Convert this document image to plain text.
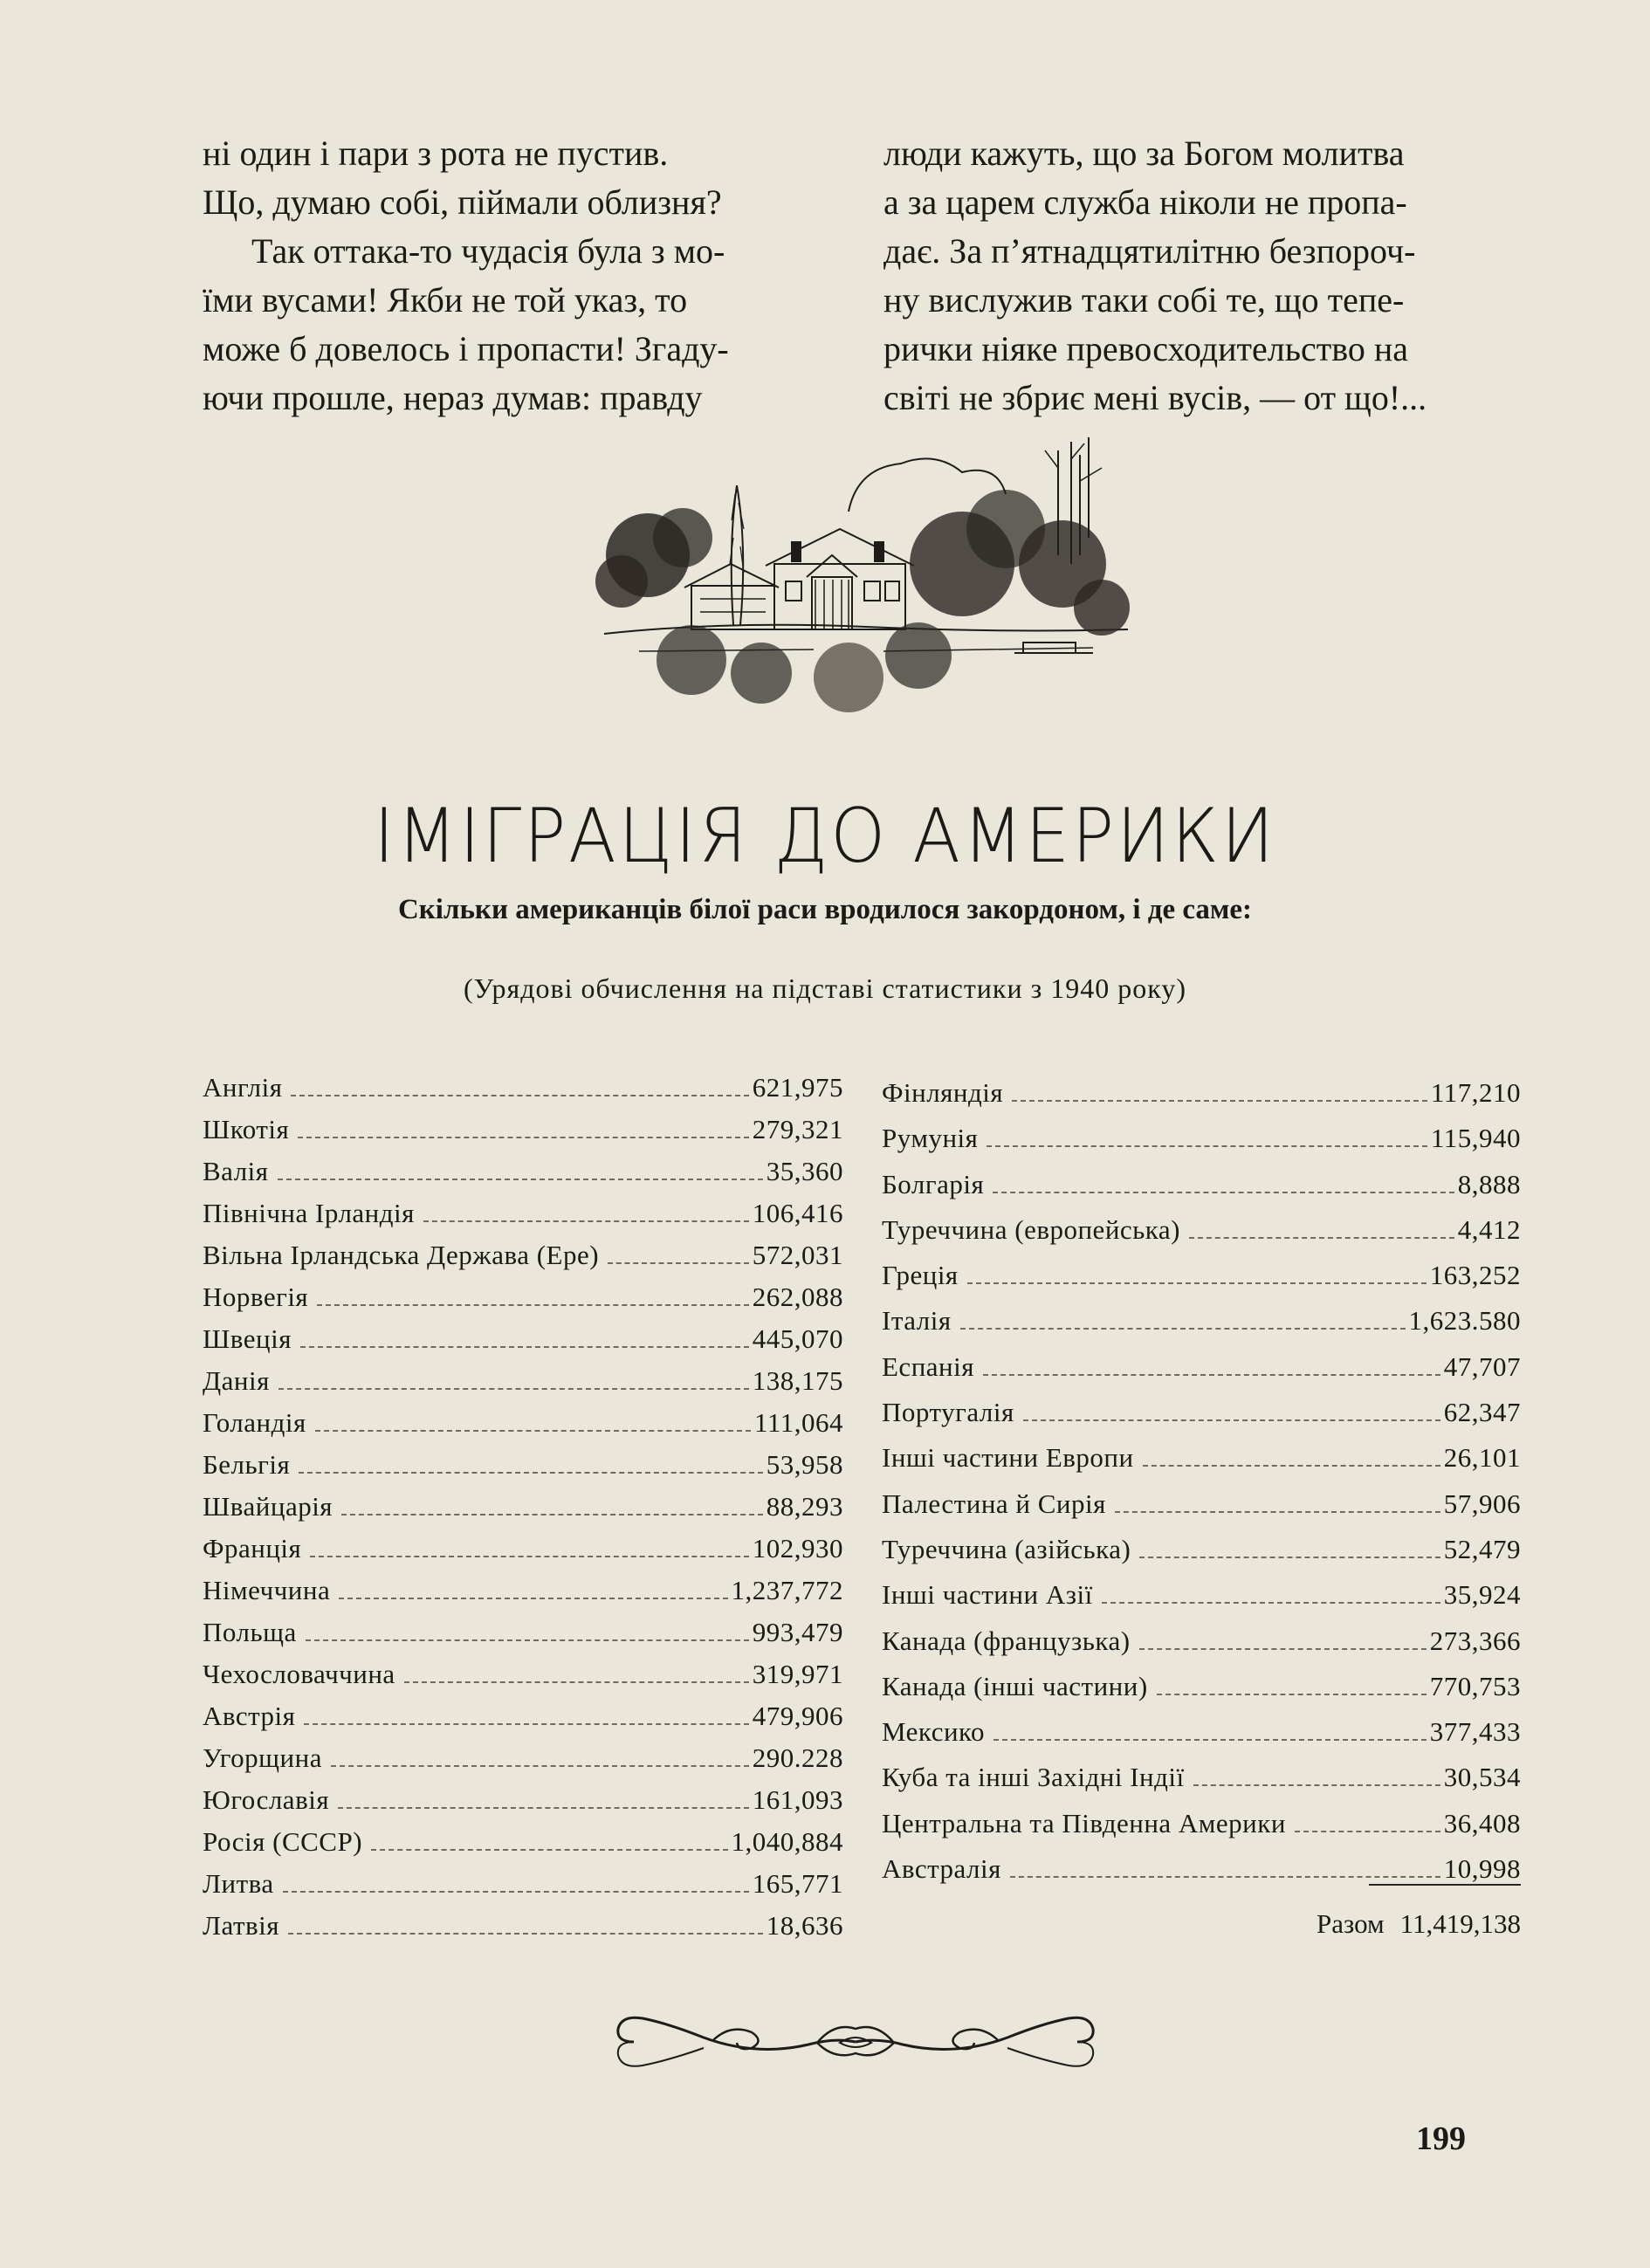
ні один і пари з рота не пустив.
Що, думаю собі, піймали облизня?
Так оттака-то чудасія була з мо-
їми вусами! Якби не той указ, то
може б довелось і пропасти! Згаду-
ючи прошле, нераз думав: правду
люди кажуть, що за Богом молитва
а за царем служба ніколи не пропа-
дає. За п’ятнадцятилітню безпороч-
ну вислужив таки собі те, що тепе-
рички ніяке превосходительство на
світі не збриє мені вусів, — от що!...
ІМІГРАЦІЯ ДО АМЕРИКИ
Скільки американців білої раси вродилося закордоном, і де саме:
(Урядові обчислення на підставі статистики з 1940 року)
Англія	621,975
Шкотія	279,321
Валія	35,360
Північна Ірландія	106,416
Вільна Ірландська Держава (Ере)	572,031
Норвегія	262,088
Швеція	445,070
Данія	138,175
Голандія	111,064
Бельгія	53,958
Швайцарія	88,293
Франція	102,930
Німеччина	1,237,772
Польща	993,479
Чехословаччина	319,971
Австрія	479,906
Угорщина	290.228
Югославія	161,093
Росія (СССР)	1,040,884
Литва	165,771
Латвія	18,636
Фінляндія	117,210
Румунія	115,940
Болгарія	8,888
Туреччина (европейська)	4,412
Греція	163,252
Італія	1,623.580
Еспанія	47,707
Португалія	62,347
Інші частини Европи	26,101
Палестина й Сирія	57,906
Туреччина (азійська)	52,479
Інші частини Азії	35,924
Канада (французька)	273,366
Канада (інші частини)	770,753
Мексико	377,433
Куба та інші Західні Індії	30,534
Центральна та Південна Америки	36,408
Австралія	10,998
Разом 11,419,138
199
